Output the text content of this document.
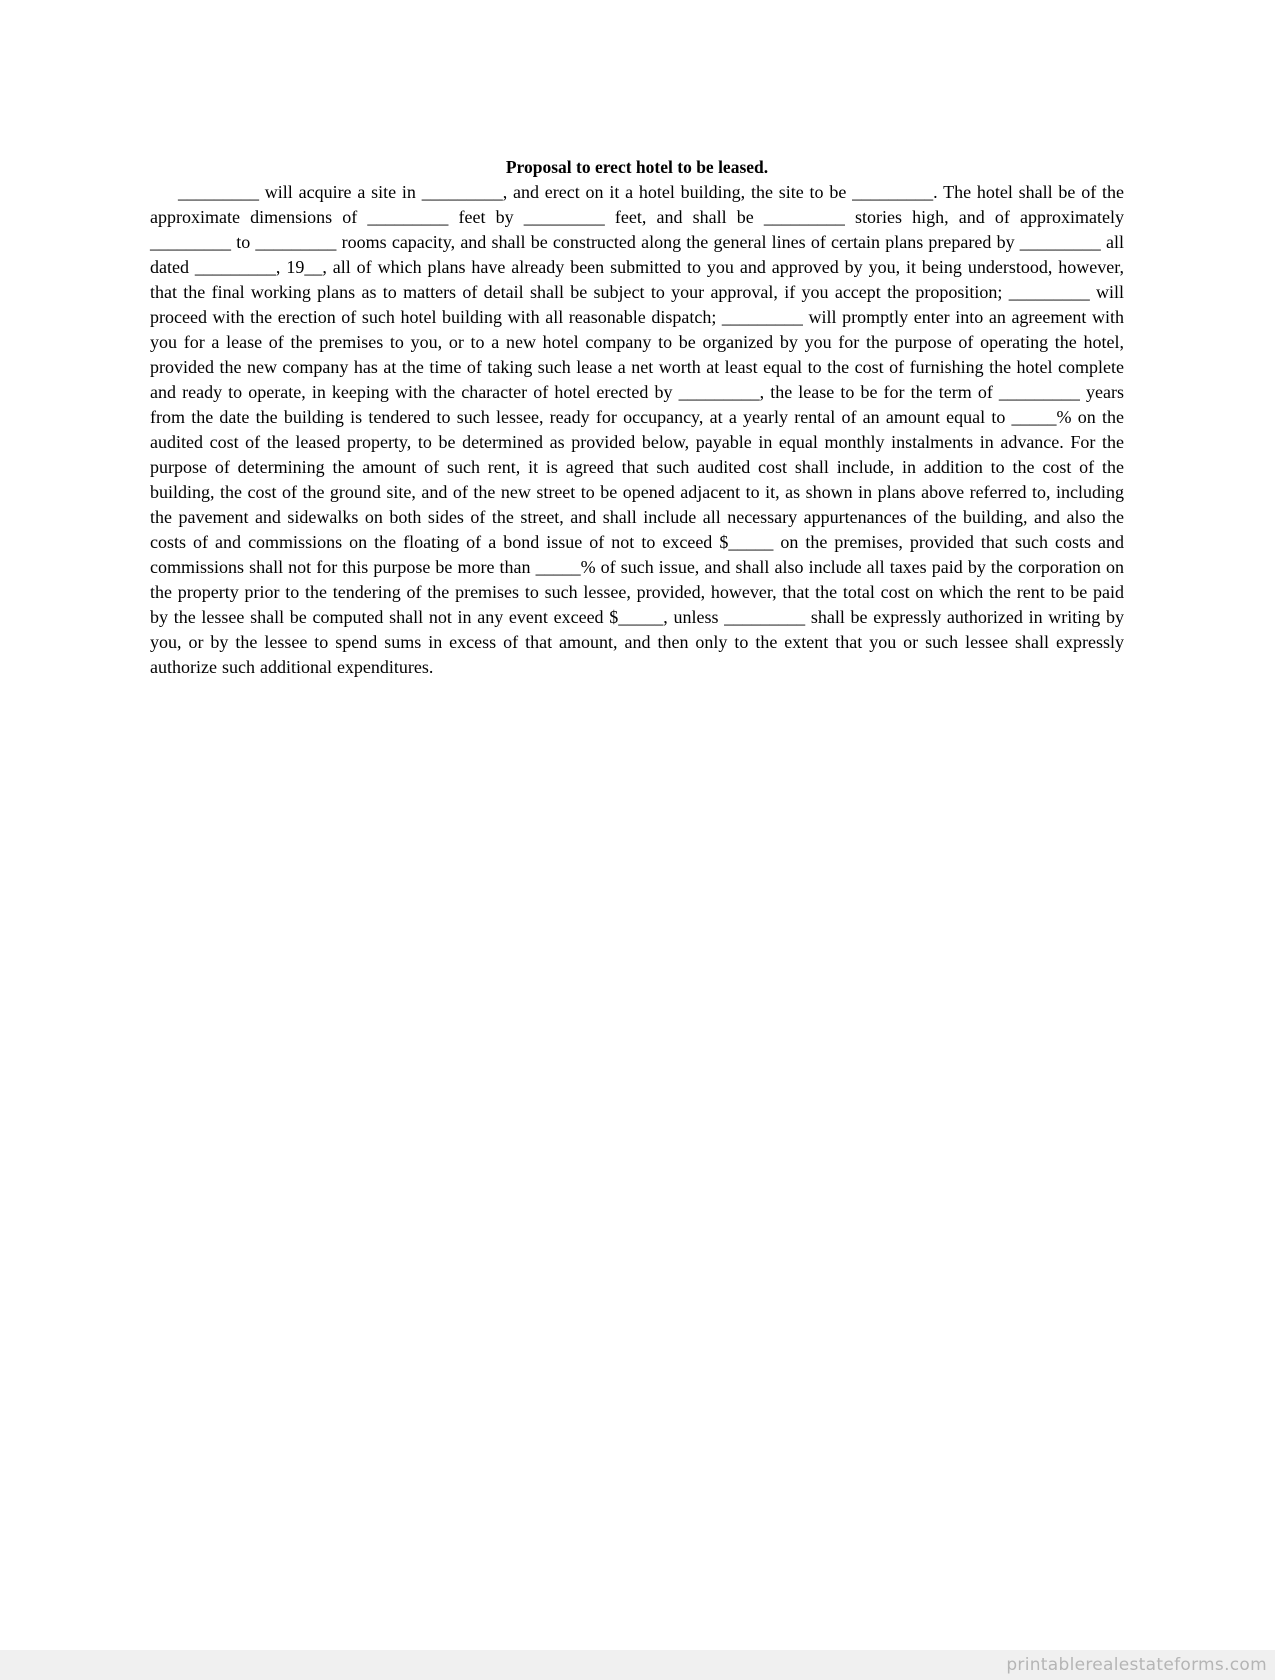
Proposal to erect hotel to be leased.

_________ will acquire a site in _________, and erect on it a hotel building, the site to be _________. The hotel shall be of the approximate dimensions of _________ feet by _________ feet, and shall be _________ stories high, and of approximately _________ to _________ rooms capacity, and shall be constructed along the general lines of certain plans prepared by _________ all dated _________, 19__, all of which plans have already been submitted to you and approved by you, it being understood, however, that the final working plans as to matters of detail shall be subject to your approval, if you accept the proposition; _________ will proceed with the erection of such hotel building with all reasonable dispatch; _________ will promptly enter into an agreement with you for a lease of the premises to you, or to a new hotel company to be organized by you for the purpose of operating the hotel, provided the new company has at the time of taking such lease a net worth at least equal to the cost of furnishing the hotel complete and ready to operate, in keeping with the character of hotel erected by _________, the lease to be for the term of _________ years from the date the building is tendered to such lessee, ready for occupancy, at a yearly rental of an amount equal to _____% on the audited cost of the leased property, to be determined as provided below, payable in equal monthly instalments in advance. For the purpose of determining the amount of such rent, it is agreed that such audited cost shall include, in addition to the cost of the building, the cost of the ground site, and of the new street to be opened adjacent to it, as shown in plans above referred to, including the pavement and sidewalks on both sides of the street, and shall include all necessary appurtenances of the building, and also the costs of and commissions on the floating of a bond issue of not to exceed $_____ on the premises, provided that such costs and commissions shall not for this purpose be more than _____% of such issue, and shall also include all taxes paid by the corporation on the property prior to the tendering of the premises to such lessee, provided, however, that the total cost on which the rent to be paid by the lessee shall be computed shall not in any event exceed $_____, unless _________ shall be expressly authorized in writing by you, or by the lessee to spend sums in excess of that amount, and then only to the extent that you or such lessee shall expressly authorize such additional expenditures.

printablerealestateforms.com
